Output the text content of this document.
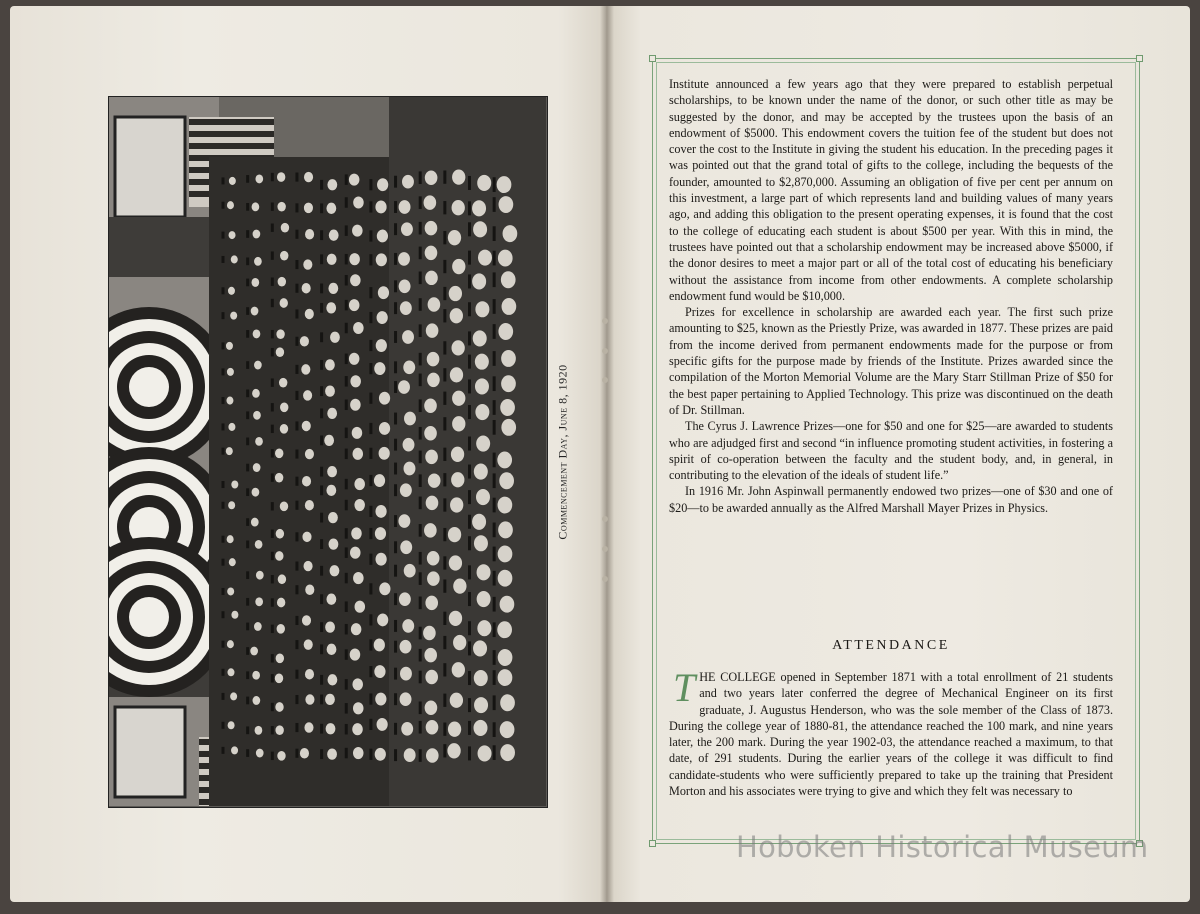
Commencement Day, June 8, 1920

Institute announced a few years ago that they were prepared to establish perpetual scholarships, to be known under the name of the donor, or such other title as may be suggested by the donor, and may be accepted by the trustees upon the basis of an endowment of $5000. This endowment covers the tuition fee of the student but does not cover the cost to the Institute in giving the student his education. In the preceding pages it was pointed out that the grand total of gifts to the college, including the bequests of the founder, amounted to $2,870,000. Assuming an obligation of five per cent per annum on this investment, a large part of which represents land and building values of many years ago, and adding this obligation to the present operating expenses, it is found that the cost to the college of educating each student is about $500 per year. With this in mind, the trustees have pointed out that a scholarship endowment may be increased above $5000, if the donor desires to meet a major part or all of the total cost of educating his beneficiary without the assistance from income from other endowments. A complete scholarship endowment fund would be $10,000.

Prizes for excellence in scholarship are awarded each year. The first such prize amounting to $25, known as the Priestly Prize, was awarded in 1877. These prizes are paid from the income derived from permanent endowments made for the purpose or from specific gifts for the purpose made by friends of the Institute. Prizes awarded since the compilation of the Morton Memorial Volume are the Mary Starr Stillman Prize of $50 for the best paper pertaining to Applied Technology. This prize was discontinued on the death of Dr. Stillman.

The Cyrus J. Lawrence Prizes—one for $50 and one for $25—are awarded to students who are adjudged first and second “in influence promoting student activities, in fostering a spirit of co-operation between the faculty and the student body, and, in general, in contributing to the elevation of the ideals of student life.”

In 1916 Mr. John Aspinwall permanently endowed two prizes—one of $30 and one of $20—to be awarded annually as the Alfred Marshall Mayer Prizes in Physics.

ATTENDANCE
THE COLLEGE opened in September 1871 with a total enrollment of 21 students and two years later conferred the degree of Mechanical Engineer on its first graduate, J. Augustus Henderson, who was the sole member of the Class of 1873. During the college year of 1880-81, the attendance reached the 100 mark, and nine years later, the 200 mark. During the year 1902-03, the attendance reached a maximum, to that date, of 291 students. During the earlier years of the college it was difficult to find candidate-students who were sufficiently prepared to take up the training that President Morton and his associates were trying to give and which they felt was necessary to
Hoboken Historical Museum
